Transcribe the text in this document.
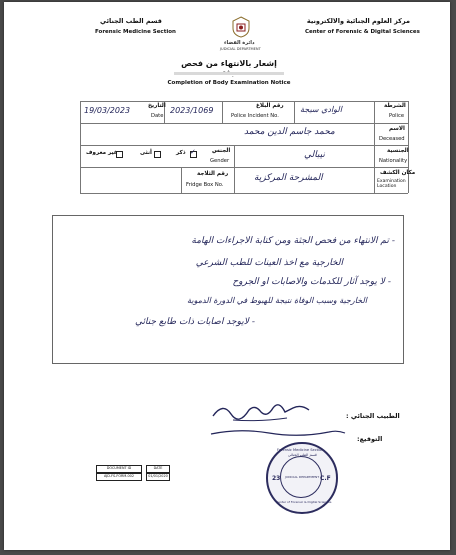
مركز العلوم الجنائية والالكترونية
Center of Forensic & Digital Sciences
قسم الطب الجنائي
Forensic Medicine Section
دائرة القضاء
JUDICIAL DEPARTMENT
إشعار بالانتهاء من فحص
Completion of Body Examination Notice
الشرطة
Police
الوادي سيجة
رقم البلاغ
Police Incident No.
2023/1069
التاريخ
Date
19/03/2023
الاسم
Deceased
محمد جاسم الدين محمد
الجنسية
Nationality
نيبالي
الجنس
Gender
✓
ذكر
أنثى
غير معروف
مكان الكشف
Examination Location
المشرحة المركزية
رقم الثلاجة
Fridge Box No.
- تم الانتهاء من فحص الجثة ومن كتابة الاجراءات الهامة
الخارجية مع اخذ العينات للطب الشرعي
- لا يوجد آثار للكدمات والاصابات او الجروح
الخارجية وسبب الوفاة نتيجة للهبوط في الدورة الدموية
- لايوجد اصابات ذات طابع جنائي
الطبيب الجنائي :
التوقيع:
Forensic Medicine Section
قسم الطب الجنائي
JUDICIAL DEPARTMENT
23	C.F
Center of Forensic & Digital Sciences
DOCUMENT ID
AJD-FS-FORM-002
DATE
01/01/2020
